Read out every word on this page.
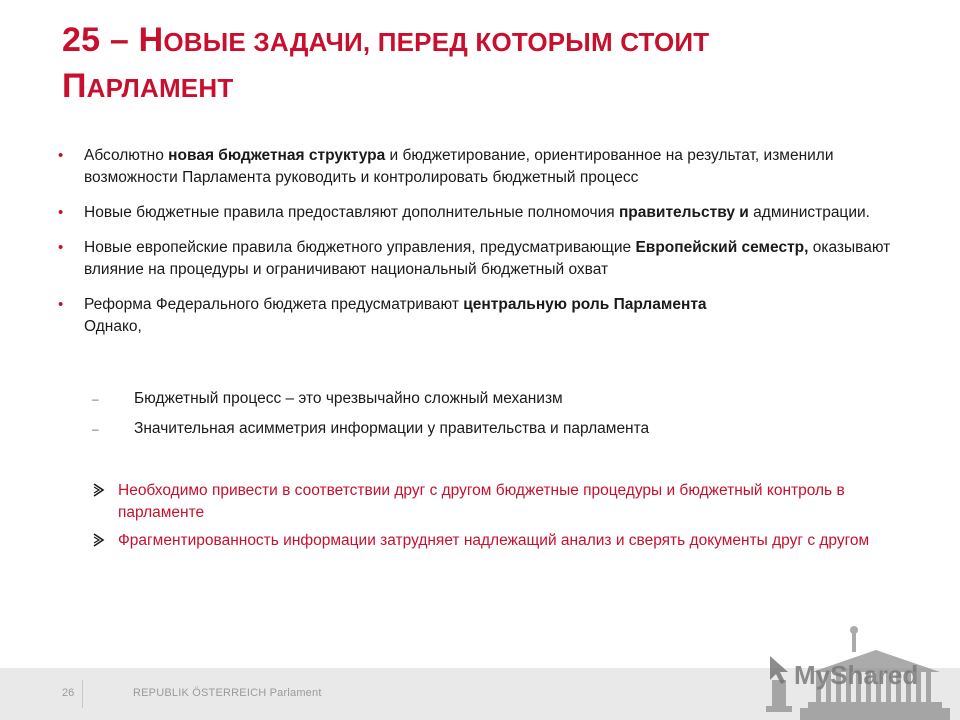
25 – НОВЫЕ ЗАДАЧИ, ПЕРЕД КОТОРЫМ СТОИТ
ПАРЛАМЕНТ
• Абсолютно новая бюджетная структура и бюджетирование, ориентированное на результат, изменили возможности Парламента руководить и контролировать бюджетный процесс
• Новые бюджетные правила предоставляют дополнительные полномочия правительству и администрации.
• Новые европейские правила бюджетного управления, предусматривающие Европейский семестр, оказывают влияние на процедуры и ограничивают национальный бюджетный охват
• Реформа Федерального бюджета предусматривают центральную роль Парламента
Однако,
– Бюджетный процесс – это чрезвычайно сложный механизм
– Значительная асимметрия информации у правительства и парламента
Необходимо привести в соответствии друг с другом бюджетные процедуры и бюджетный контроль в парламенте
Фрагментированность информации затрудняет надлежащий анализ и сверять документы друг с другом
26	REPUBLIK ÖSTERREICH Parlament
MyShared
